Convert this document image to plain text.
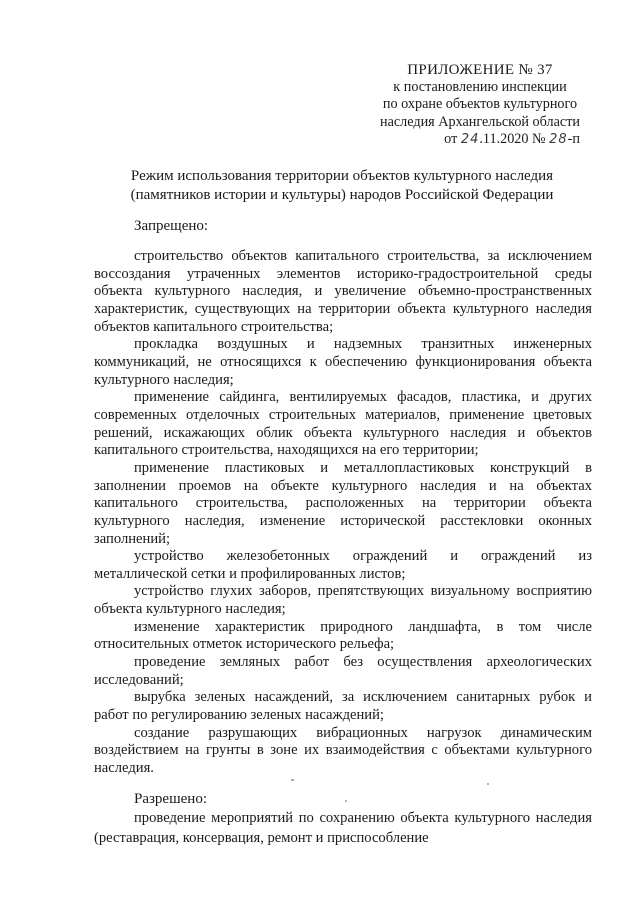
ПРИЛОЖЕНИЕ № 37
к постановлению инспекции
по охране объектов культурного
наследия Архангельской области
от 24.11.2020 № 28-п
Режим использования территории объектов культурного наследия
(памятников истории и культуры) народов Российской Федерации
Запрещено:

строительство объектов капитального строительства, за исключением воссоздания утраченных элементов историко-градостроительной среды объекта культурного наследия, и увеличение объемно-пространственных характеристик, существующих на территории объекта культурного наследия объектов капитального строительства;

прокладка воздушных и надземных транзитных инженерных коммуникаций, не относящихся к обеспечению функционирования объекта культурного наследия;

применение сайдинга, вентилируемых фасадов, пластика, и других современных отделочных строительных материалов, применение цветовых решений, искажающих облик объекта культурного наследия и объектов капитального строительства, находящихся на его территории;

применение пластиковых и металлопластиковых конструкций в заполнении проемов на объекте культурного наследия и на объектах капитального строительства, расположенных на территории объекта культурного наследия, изменение исторической расстекловки оконных заполнений;

устройство железобетонных ограждений и ограждений из металлической сетки и профилированных листов;

устройство глухих заборов, препятствующих визуальному восприятию объекта культурного наследия;

изменение характеристик природного ландшафта, в том числе относительных отметок исторического рельефа;

проведение земляных работ без осуществления археологических исследований;

вырубка зеленых насаждений, за исключением санитарных рубок и работ по регулированию зеленых насаждений;

создание разрушающих вибрационных нагрузок динамическим воздействием на грунты в зоне их взаимодействия с объектами культурного наследия.

Разрешено:

проведение мероприятий по сохранению объекта культурного наследия (реставрация, консервация, ремонт и приспособление
